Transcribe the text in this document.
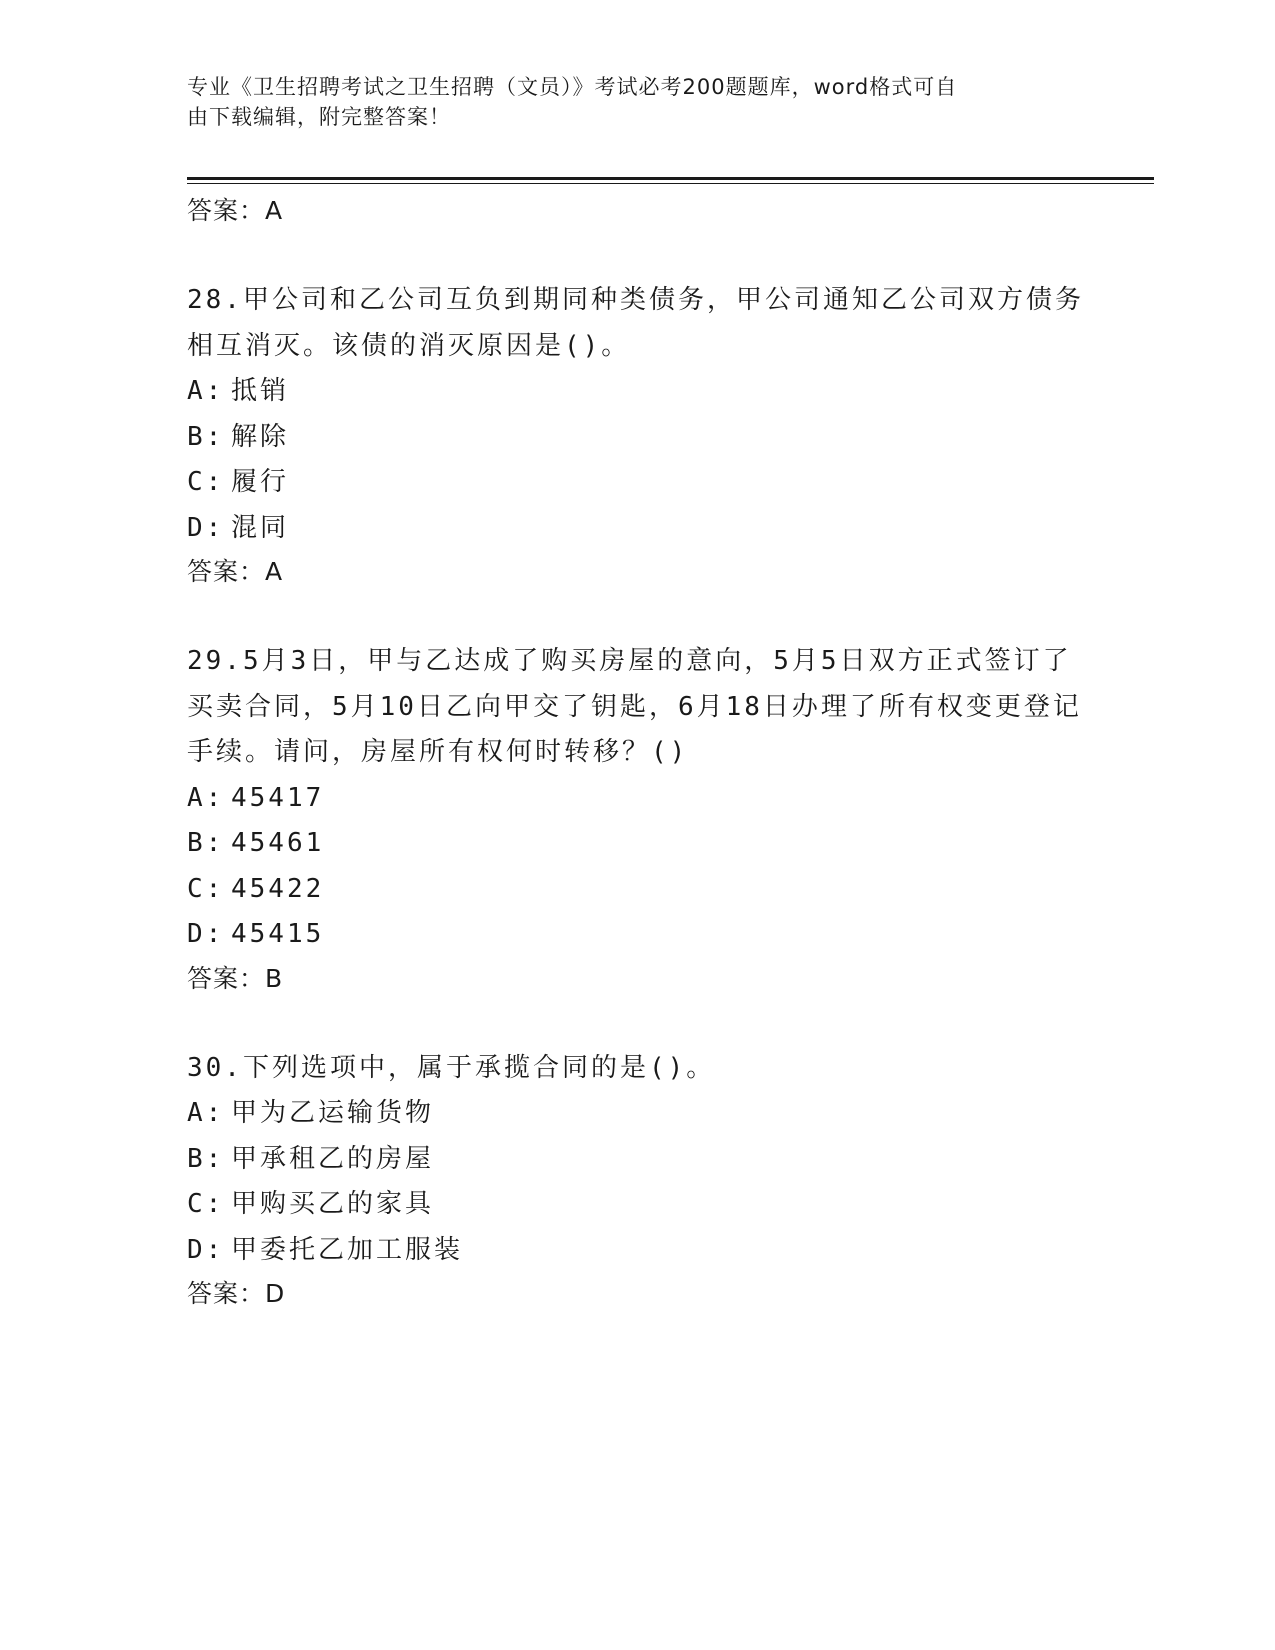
专业《卫生招聘考试之卫生招聘（文员）》考试必考200题题库，word格式可自
由下载编辑，附完整答案！
答案：A

28.甲公司和乙公司互负到期同种类债务，甲公司通知乙公司双方债务相互消灭。该债的消灭原因是()。

A: 抵销
B: 解除
C: 履行
D: 混同
答案：A

29.5月3日，甲与乙达成了购买房屋的意向，5月5日双方正式签订了买卖合同，5月10日乙向甲交了钥匙，6月18日办理了所有权变更登记手续。请问，房屋所有权何时转移？()

A: 45417
B: 45461
C: 45422
D: 45415
答案：B

30.下列选项中，属于承揽合同的是()。

A: 甲为乙运输货物
B: 甲承租乙的房屋
C: 甲购买乙的家具
D: 甲委托乙加工服装
答案：D
